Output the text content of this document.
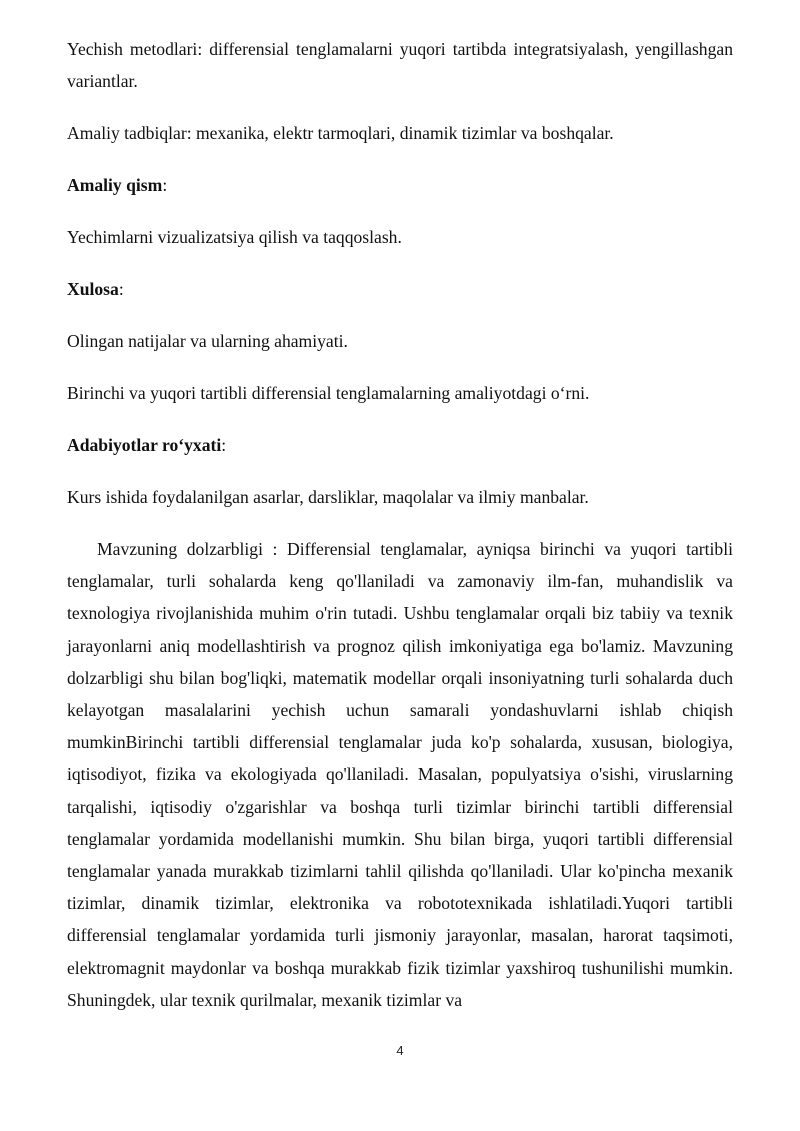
Yechish metodlari: differensial tenglamalarni yuqori tartibda integratsiyalash, yengillashgan variantlar.

Amaliy tadbiqlar: mexanika, elektr tarmoqlari, dinamik tizimlar va boshqalar.

Amaliy qism:

Yechimlarni vizualizatsiya qilish va taqqoslash.

Xulosa:

Olingan natijalar va ularning ahamiyati.

Birinchi va yuqori tartibli differensial tenglamalarning amaliyotdagi o‘rni.

Adabiyotlar ro‘yxati:

Kurs ishida foydalanilgan asarlar, darsliklar, maqolalar va ilmiy manbalar.

Mavzuning dolzarbligi : Differensial tenglamalar, ayniqsa birinchi va yuqori tartibli tenglamalar, turli sohalarda keng qo'llaniladi va zamonaviy ilm-fan, muhandislik va texnologiya rivojlanishida muhim o'rin tutadi. Ushbu tenglamalar orqali biz tabiiy va texnik jarayonlarni aniq modellashtirish va prognoz qilish imkoniyatiga ega bo'lamiz. Mavzuning dolzarbligi shu bilan bog'liqki, matematik modellar orqali insoniyatning turli sohalarda duch kelayotgan masalalarini yechish uchun samarali yondashuvlarni ishlab chiqish mumkinBirinchi tartibli differensial tenglamalar juda ko'p sohalarda, xususan, biologiya, iqtisodiyot, fizika va ekologiyada qo'llaniladi. Masalan, populyatsiya o'sishi, viruslarning tarqalishi, iqtisodiy o'zgarishlar va boshqa turli tizimlar birinchi tartibli differensial tenglamalar yordamida modellanishi mumkin. Shu bilan birga, yuqori tartibli differensial tenglamalar yanada murakkab tizimlarni tahlil qilishda qo'llaniladi. Ular ko'pincha mexanik tizimlar, dinamik tizimlar, elektronika va robototexnikada ishlatiladi.Yuqori tartibli differensial tenglamalar yordamida turli jismoniy jarayonlar, masalan, harorat taqsimoti, elektromagnit maydonlar va boshqa murakkab fizik tizimlar yaxshiroq tushunilishi mumkin. Shuningdek, ular texnik qurilmalar, mexanik tizimlar va

4
